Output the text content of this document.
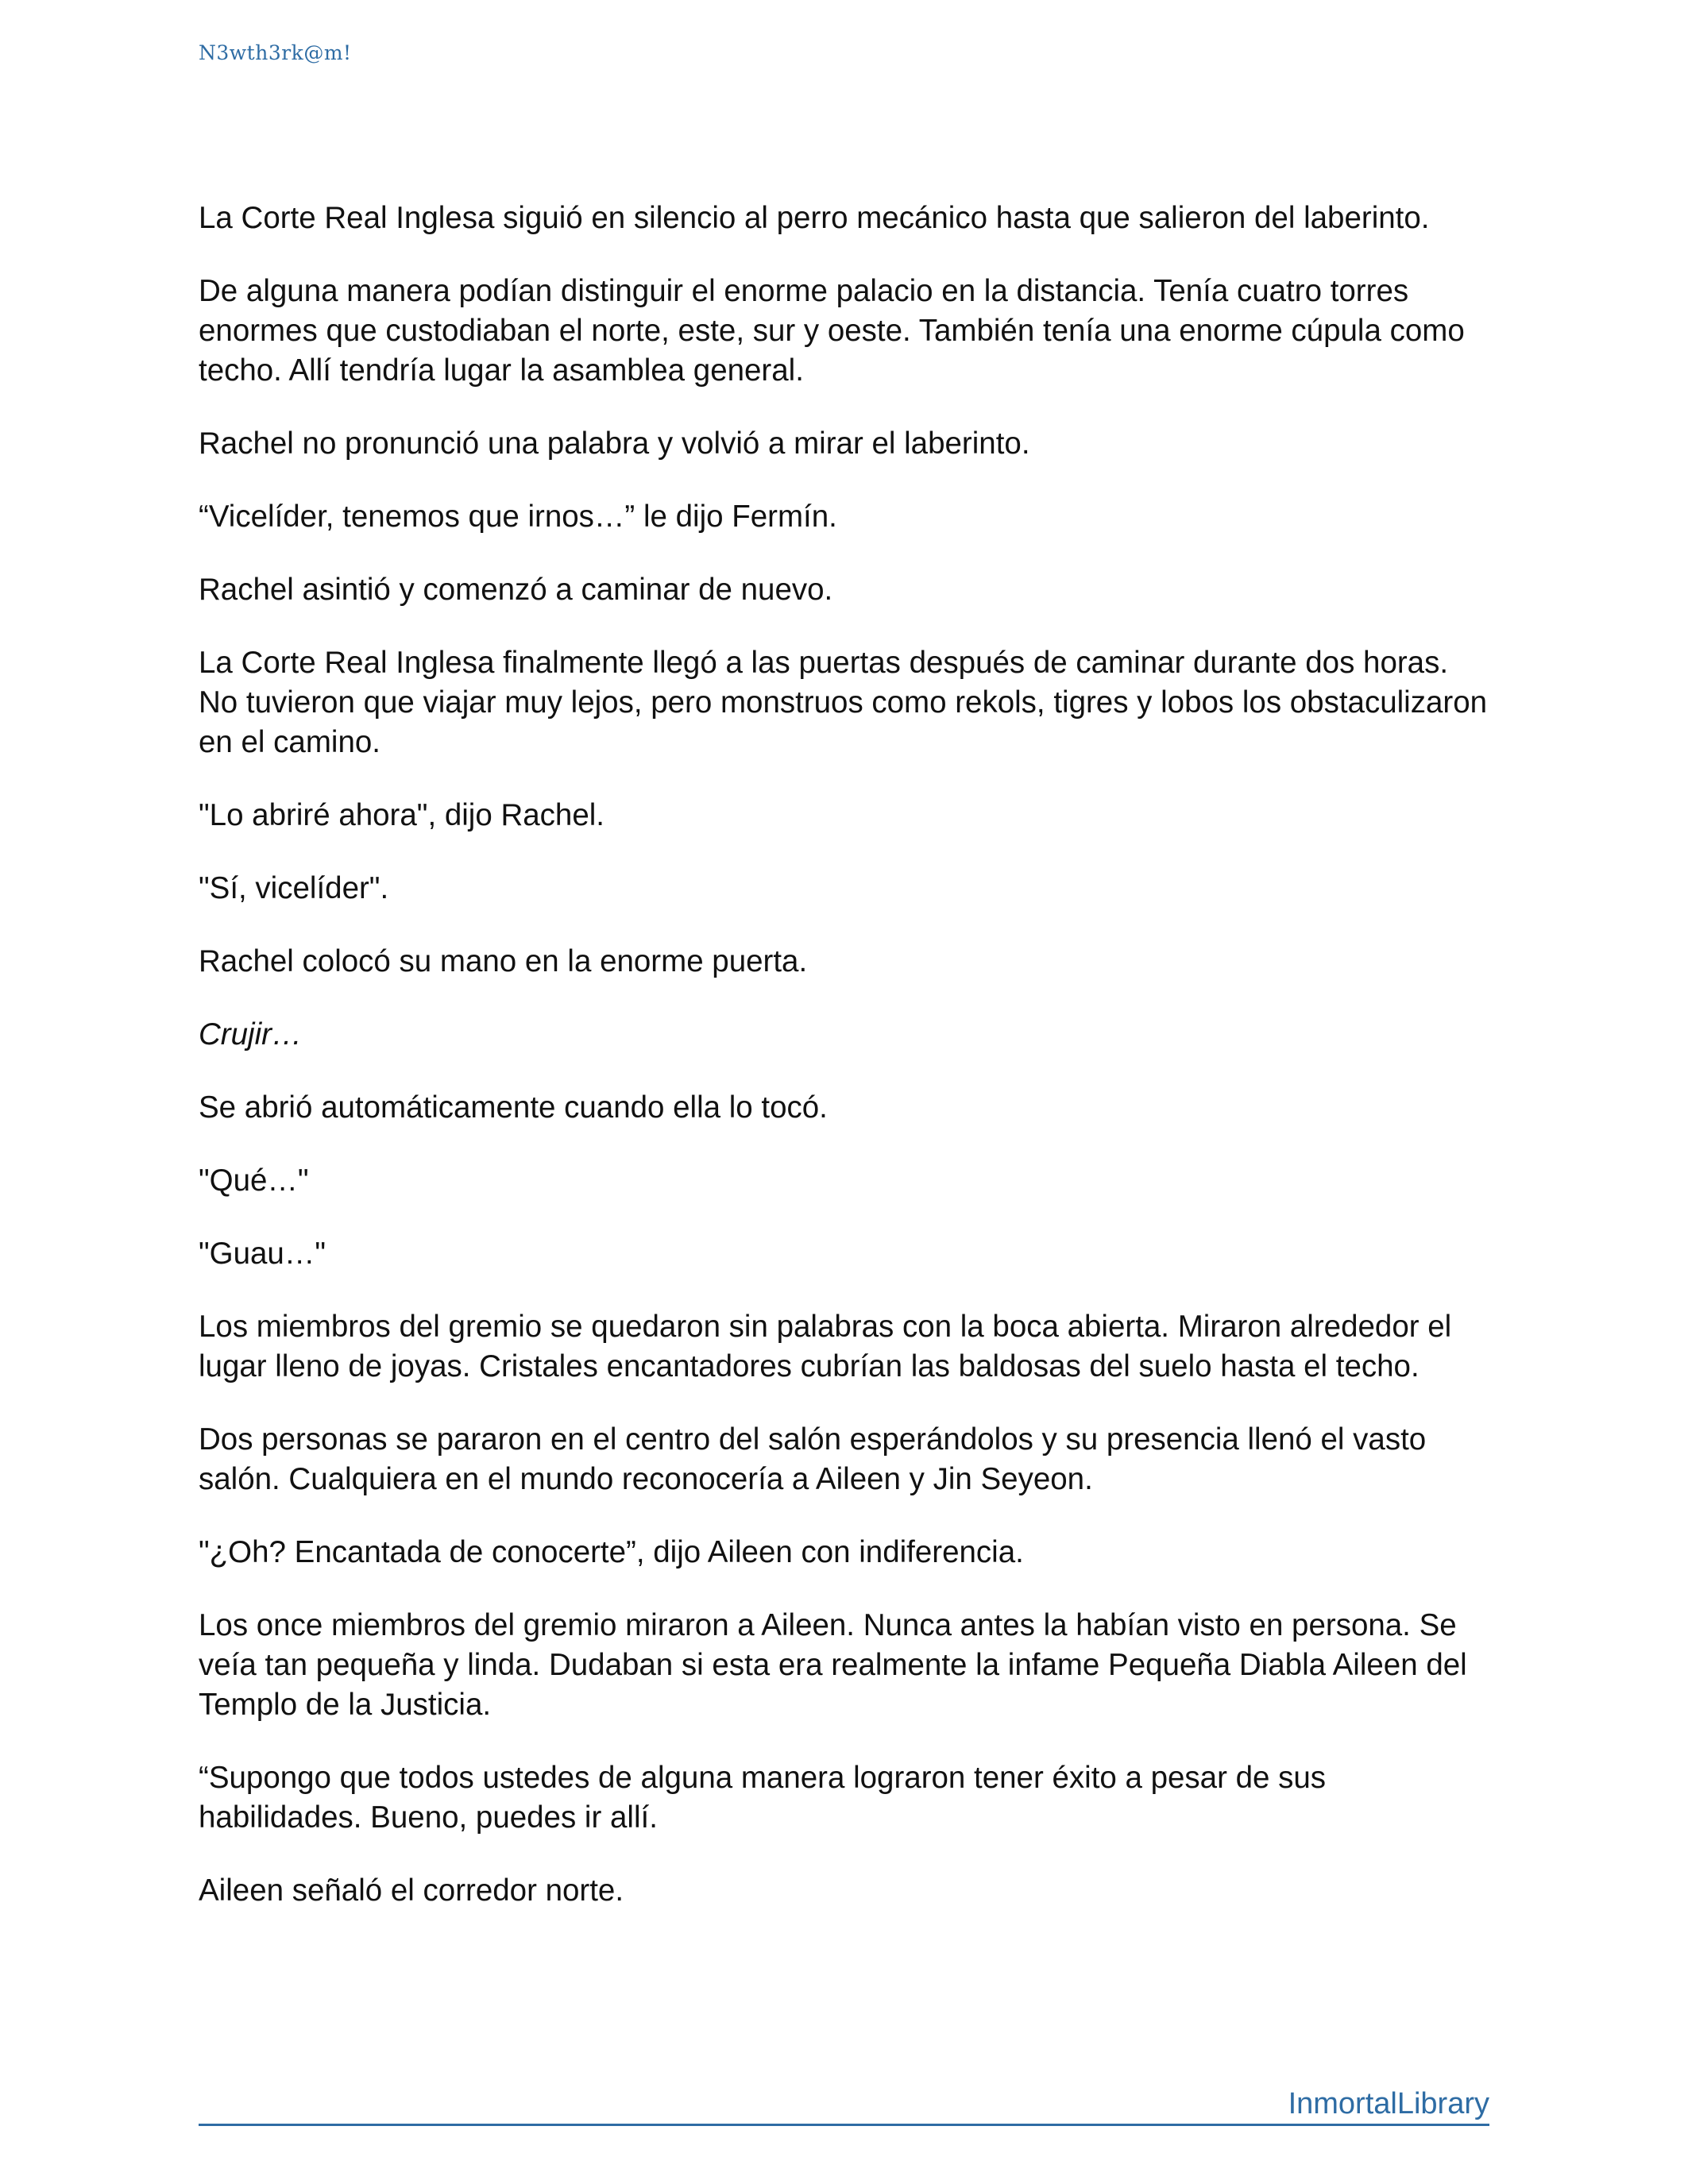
N3wth3rk@m!

La Corte Real Inglesa siguió en silencio al perro mecánico hasta que salieron del laberinto.

De alguna manera podían distinguir el enorme palacio en la distancia. Tenía cuatro torres enormes que custodiaban el norte, este, sur y oeste. También tenía una enorme cúpula como techo. Allí tendría lugar la asamblea general.

Rachel no pronunció una palabra y volvió a mirar el laberinto.

“Vicelíder, tenemos que irnos…” le dijo Fermín.

Rachel asintió y comenzó a caminar de nuevo.

La Corte Real Inglesa finalmente llegó a las puertas después de caminar durante dos horas. No tuvieron que viajar muy lejos, pero monstruos como rekols, tigres y lobos los obstaculizaron en el camino.

"Lo abriré ahora", dijo Rachel.

"Sí, vicelíder".

Rachel colocó su mano en la enorme puerta.

Crujir…

Se abrió automáticamente cuando ella lo tocó.

"Qué…"

"Guau…"

Los miembros del gremio se quedaron sin palabras con la boca abierta. Miraron alrededor el lugar lleno de joyas. Cristales encantadores cubrían las baldosas del suelo hasta el techo.

Dos personas se pararon en el centro del salón esperándolos y su presencia llenó el vasto salón. Cualquiera en el mundo reconocería a Aileen y Jin Seyeon.

"¿Oh? Encantada de conocerte”, dijo Aileen con indiferencia.

Los once miembros del gremio miraron a Aileen. Nunca antes la habían visto en persona. Se veía tan pequeña y linda. Dudaban si esta era realmente la infame Pequeña Diabla Aileen del Templo de la Justicia.

“Supongo que todos ustedes de alguna manera lograron tener éxito a pesar de sus habilidades. Bueno, puedes ir allí.

Aileen señaló el corredor norte.

InmortalLibrary
